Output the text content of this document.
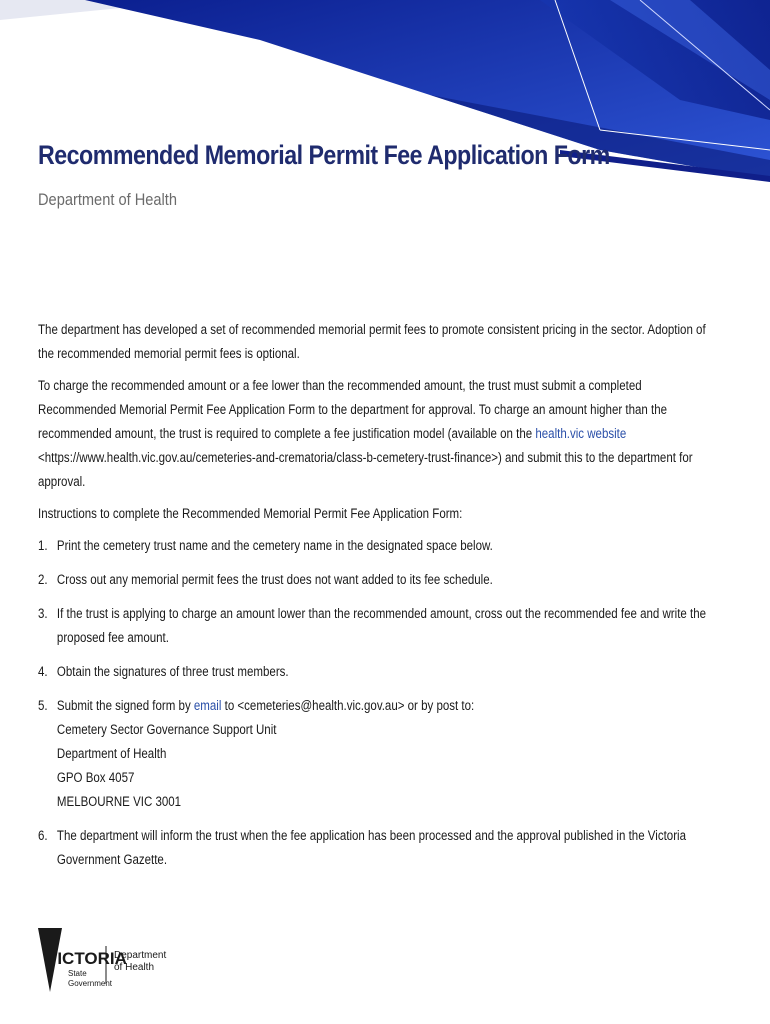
Recommended Memorial Permit Fee Application Form
Department of Health

The department has developed a set of recommended memorial permit fees to promote consistent pricing in the sector. Adoption of the recommended memorial permit fees is optional.

To charge the recommended amount or a fee lower than the recommended amount, the trust must submit a completed Recommended Memorial Permit Fee Application Form to the department for approval. To charge an amount higher than the recommended amount, the trust is required to complete a fee justification model (available on the health.vic website <https://www.health.vic.gov.au/cemeteries-and-crematoria/class-b-cemetery-trust-finance>) and submit this to the department for approval.

Instructions to complete the Recommended Memorial Permit Fee Application Form:

1. Print the cemetery trust name and the cemetery name in the designated space below.
2. Cross out any memorial permit fees the trust does not want added to its fee schedule.
3. If the trust is applying to charge an amount lower than the recommended amount, cross out the recommended fee and write the proposed fee amount.
4. Obtain the signatures of three trust members.
5. Submit the signed form by email to <cemeteries@health.vic.gov.au> or by post to:
Cemetery Sector Governance Support Unit
Department of Health
GPO Box 4057
MELBOURNE VIC 3001
6. The department will inform the trust when the fee application has been processed and the approval published in the Victoria Government Gazette.
VICTORIA
State
Government
Department
of Health
